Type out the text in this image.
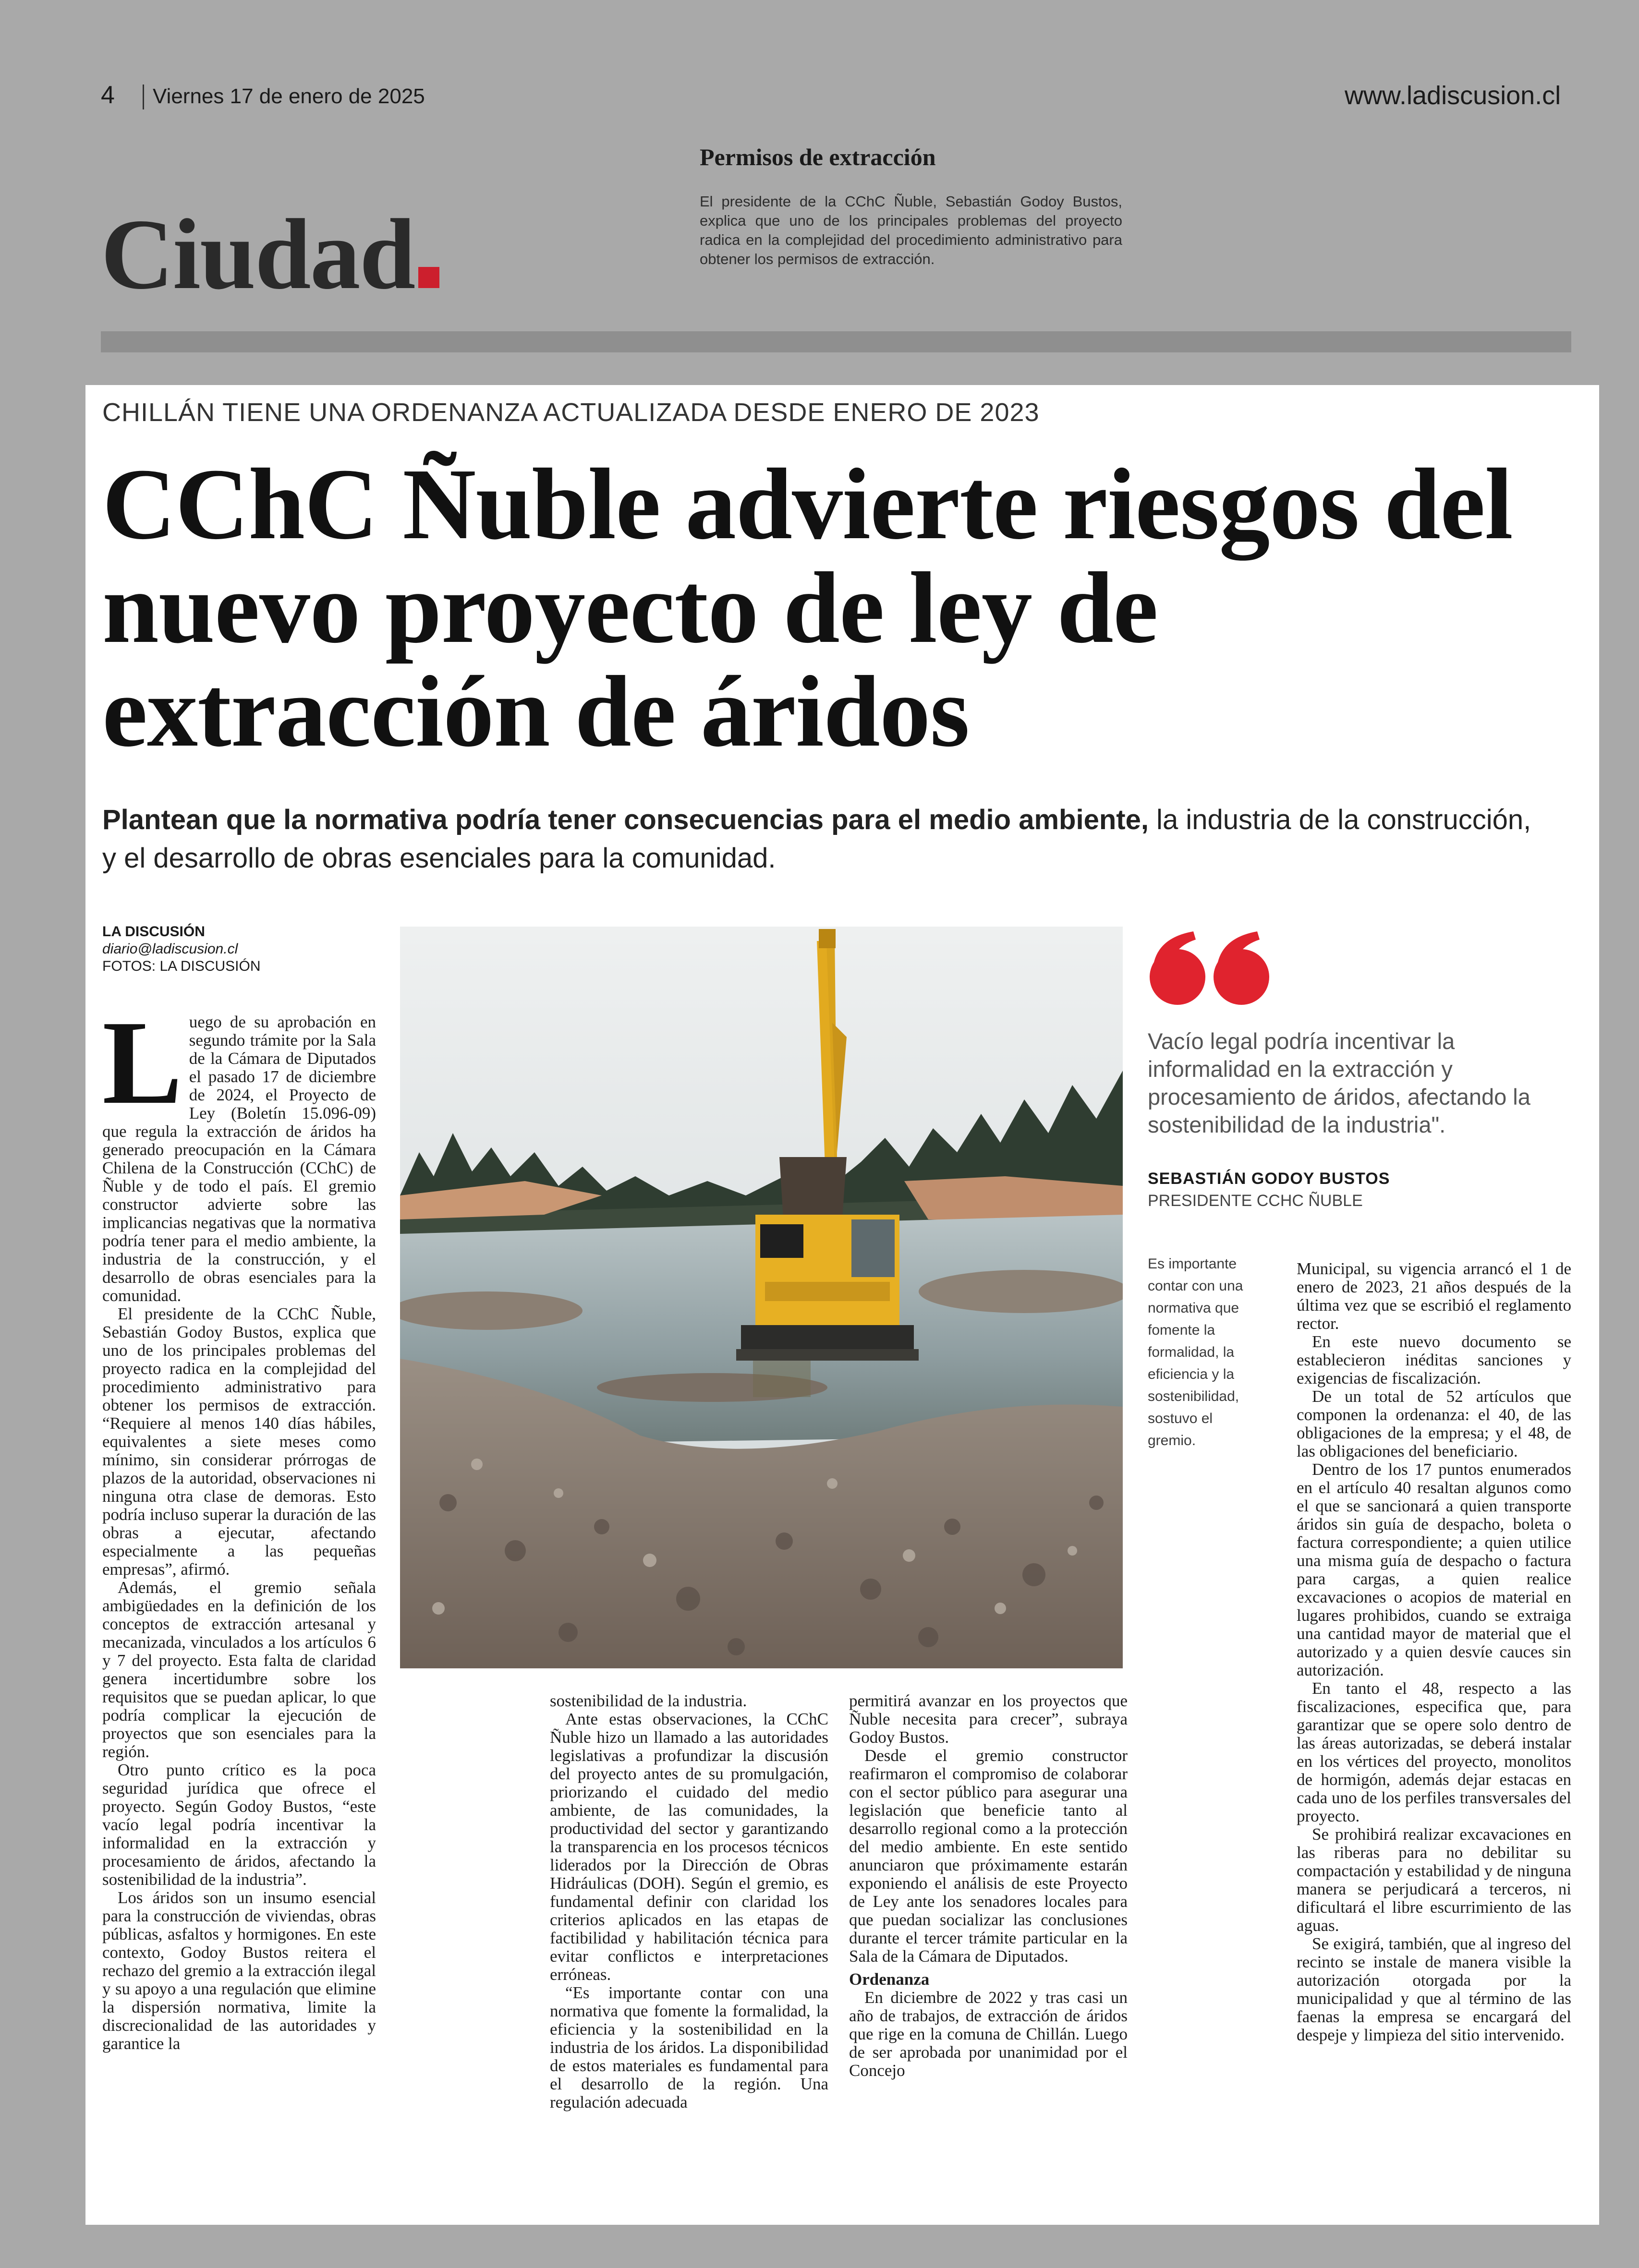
4 Viernes 17 de enero de 2025	www.ladiscusion.cl
Ciudad
Permisos de extracción
El presidente de la CChC Ñuble, Sebastián Godoy Bustos, explica que uno de los principales problemas del proyecto radica en la complejidad del procedimiento administrativo para obtener los permisos de extracción.
CHILLÁN TIENE UNA ORDENANZA ACTUALIZADA DESDE ENERO DE 2023
CChC Ñuble advierte riesgos del nuevo proyecto de ley de extracción de áridos
Plantean que la normativa podría tener consecuencias para el medio ambiente, la industria de la construcción, y el desarrollo de obras esenciales para la comunidad.
LA DISCUSIÓN
diario@ladiscusion.cl
FOTOS: LA DISCUSIÓN
L uego de su aprobación en segundo trámite por la Sala de la Cámara de Diputados el pasado 17 de diciembre de 2024, el Proyecto de Ley (Boletín 15.096-09) que regula la extracción de áridos ha generado preocupación en la Cámara Chilena de la Construcción (CChC) de Ñuble y de todo el país. El gremio constructor advierte sobre las implicancias negativas que la normativa podría tener para el medio ambiente, la industria de la construcción, y el desarrollo de obras esenciales para la comunidad.

El presidente de la CChC Ñuble, Sebastián Godoy Bustos, explica que uno de los principales problemas del proyecto radica en la complejidad del procedimiento administrativo para obtener los permisos de extracción. “Requiere al menos 140 días hábiles, equivalentes a siete meses como mínimo, sin considerar prórrogas de plazos de la autoridad, observaciones ni ninguna otra clase de demoras. Esto podría incluso superar la duración de las obras a ejecutar, afectando especialmente a las pequeñas empresas”, afirmó.

Además, el gremio señala ambigüedades en la definición de los conceptos de extracción artesanal y mecanizada, vinculados a los artículos 6 y 7 del proyecto. Esta falta de claridad genera incertidumbre sobre los requisitos que se puedan aplicar, lo que podría complicar la ejecución de proyectos que son esenciales para la región.

Otro punto crítico es la poca seguridad jurídica que ofrece el proyecto. Según Godoy Bustos, “este vacío legal podría incentivar la informalidad en la extracción y procesamiento de áridos, afectando la sostenibilidad de la industria”.

Los áridos son un insumo esencial para la construcción de viviendas, obras públicas, asfaltos y hormigones. En este contexto, Godoy Bustos reitera el rechazo del gremio a la extracción ilegal y su apoyo a una regulación que elimine la dispersión normativa, limite la discrecionalidad de las autoridades y garantice la

Vacío legal podría incentivar la informalidad en la extracción y procesamiento de áridos, afectando la sostenibilidad de la industria".
SEBASTIÁN GODOY BUSTOS
PRESIDENTE CCHC ÑUBLE
Es importante contar con una normativa que fomente la formalidad, la eficiencia y la sostenibilidad, sostuvo el gremio.

sostenibilidad de la industria.

Ante estas observaciones, la CChC Ñuble hizo un llamado a las autoridades legislativas a profundizar la discusión del proyecto antes de su promulgación, priorizando el cuidado del medio ambiente, de las comunidades, la productividad del sector y garantizando la transparencia en los procesos técnicos liderados por la Dirección de Obras Hidráulicas (DOH). Según el gremio, es fundamental definir con claridad los criterios aplicados en las etapas de factibilidad y habilitación técnica para evitar conflictos e interpretaciones erróneas.

“Es importante contar con una normativa que fomente la formalidad, la eficiencia y la sostenibilidad en la industria de los áridos. La disponibilidad de estos materiales es fundamental para el desarrollo de la región. Una regulación adecuada

permitirá avanzar en los proyectos que Ñuble necesita para crecer”, subraya Godoy Bustos.

Desde el gremio constructor reafirmaron el compromiso de colaborar con el sector público para asegurar una legislación que beneficie tanto al desarrollo regional como a la protección del medio ambiente. En este sentido anunciaron que próximamente estarán exponiendo el análisis de este Proyecto de Ley ante los senadores locales para que puedan socializar las conclusiones durante el tercer trámite particular en la Sala de la Cámara de Diputados.

Ordenanza

En diciembre de 2022 y tras casi un año de trabajos, de extracción de áridos que rige en la comuna de Chillán. Luego de ser aprobada por unanimidad por el Concejo

Municipal, su vigencia arrancó el 1 de enero de 2023, 21 años después de la última vez que se escribió el reglamento rector.

En este nuevo documento se establecieron inéditas sanciones y exigencias de fiscalización.

De un total de 52 artículos que componen la ordenanza: el 40, de las obligaciones de la empresa; y el 48, de las obligaciones del beneficiario.

Dentro de los 17 puntos enumerados en el artículo 40 resaltan algunos como el que se sancionará a quien transporte áridos sin guía de despacho, boleta o factura correspondiente; a quien utilice una misma guía de despacho o factura para cargas, a quien realice excavaciones o acopios de material en lugares prohibidos, cuando se extraiga una cantidad mayor de material que el autorizado y a quien desvíe cauces sin autorización.

En tanto el 48, respecto a las fiscalizaciones, especifica que, para garantizar que se opere solo dentro de las áreas autorizadas, se deberá instalar en los vértices del proyecto, monolitos de hormigón, además dejar estacas en cada uno de los perfiles transversales del proyecto.

Se prohibirá realizar excavaciones en las riberas para no debilitar su compactación y estabilidad y de ninguna manera se perjudicará a terceros, ni dificultará el libre escurrimiento de las aguas.

Se exigirá, también, que al ingreso del recinto se instale de manera visible la autorización otorgada por la municipalidad y que al término de las faenas la empresa se encargará del despeje y limpieza del sitio intervenido.
